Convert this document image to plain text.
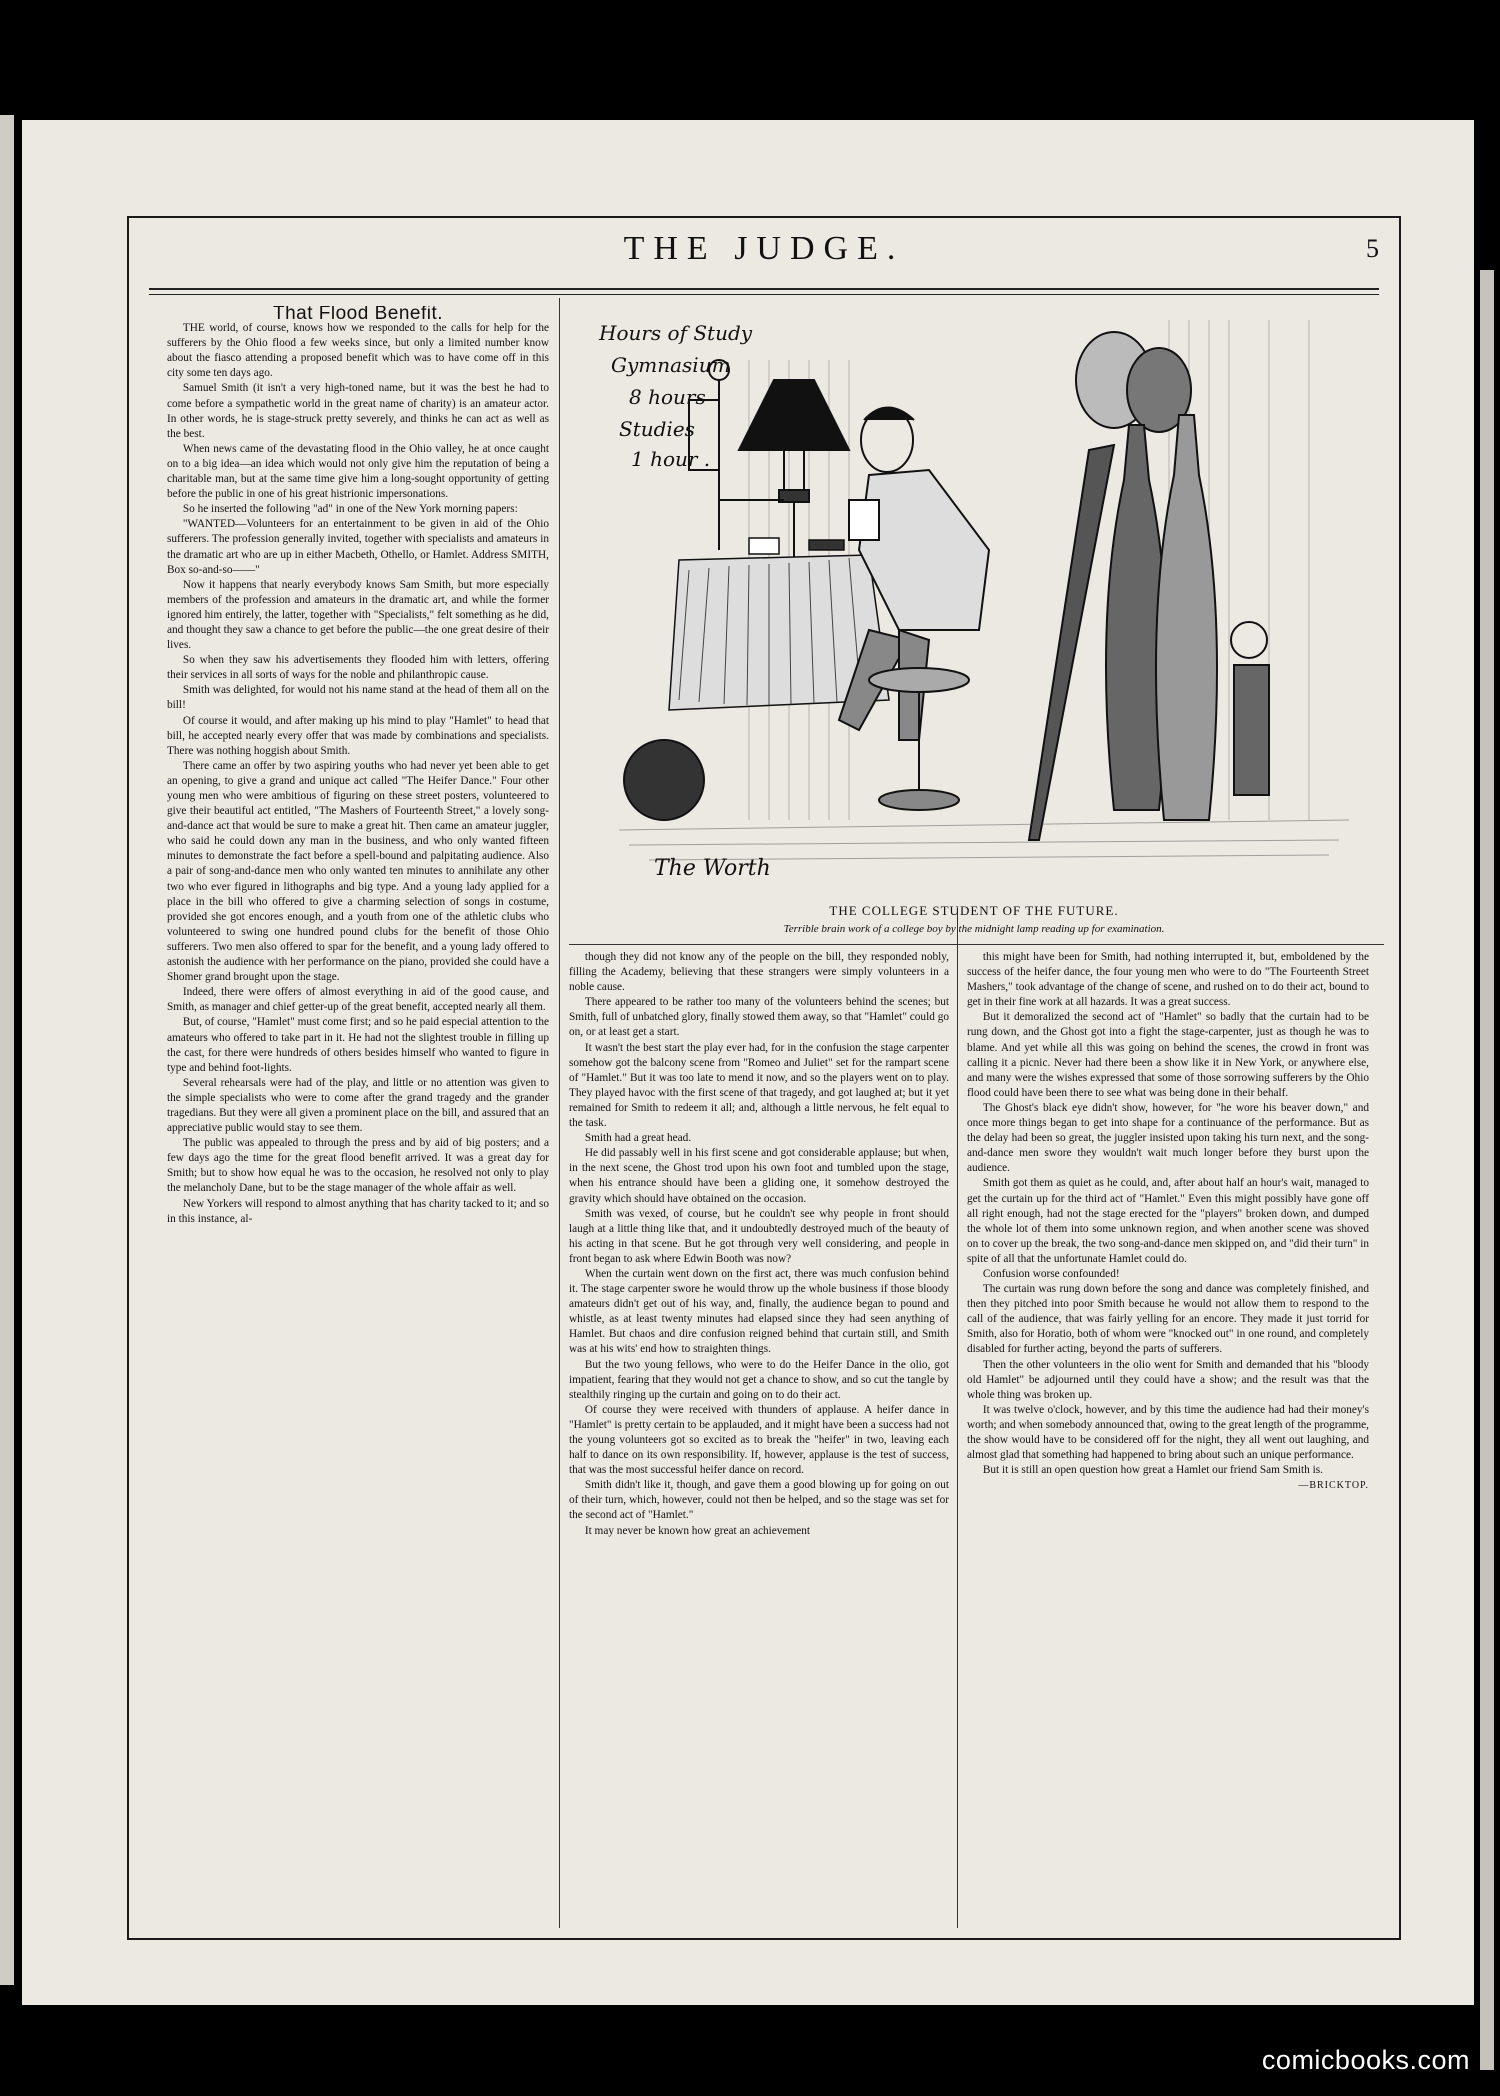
THE JUDGE.	5

That Flood Benefit.

THE world, of course, knows how we responded to the calls for help for the sufferers by the Ohio flood a few weeks since, but only a limited number know about the fiasco attending a proposed benefit which was to have come off in this city some ten days ago.

Samuel Smith (it isn't a very high-toned name, but it was the best he had to come before a sympathetic world in the great name of charity) is an amateur actor. In other words, he is stage-struck pretty severely, and thinks he can act as well as the best.

When news came of the devastating flood in the Ohio valley, he at once caught on to a big idea—an idea which would not only give him the reputation of being a charitable man, but at the same time give him a long-sought opportunity of getting before the public in one of his great histrionic impersonations.

So he inserted the following "ad" in one of the New York morning papers:

"WANTED—Volunteers for an entertainment to be given in aid of the Ohio sufferers. The profession generally invited, together with specialists and amateurs in the dramatic art who are up in either Macbeth, Othello, or Hamlet. Address SMITH, Box so-and-so——"

Now it happens that nearly everybody knows Sam Smith, but more especially members of the profession and amateurs in the dramatic art, and while the former ignored him entirely, the latter, together with "Specialists," felt something as he did, and thought they saw a chance to get before the public—the one great desire of their lives.

So when they saw his advertisements they flooded him with letters, offering their services in all sorts of ways for the noble and philanthropic cause.

Smith was delighted, for would not his name stand at the head of them all on the bill!

Of course it would, and after making up his mind to play "Hamlet" to head that bill, he accepted nearly every offer that was made by combinations and specialists. There was nothing hoggish about Smith.

There came an offer by two aspiring youths who had never yet been able to get an opening, to give a grand and unique act called "The Heifer Dance." Four other young men who were ambitious of figuring on these street posters, volunteered to give their beautiful act entitled, "The Mashers of Fourteenth Street," a lovely song-and-dance act that would be sure to make a great hit. Then came an amateur juggler, who said he could down any man in the business, and who only wanted fifteen minutes to demonstrate the fact before a spell-bound and palpitating audience. Also a pair of song-and-dance men who only wanted ten minutes to annihilate any other two who ever figured in lithographs and big type. And a young lady applied for a place in the bill who offered to give a charming selection of songs in costume, provided she got encores enough, and a youth from one of the athletic clubs who volunteered to swing one hundred pound clubs for the benefit of those Ohio sufferers. Two men also offered to spar for the benefit, and a young lady offered to astonish the audience with her performance on the piano, provided she could have a Shomer grand brought upon the stage.

Indeed, there were offers of almost everything in aid of the good cause, and Smith, as manager and chief getter-up of the great benefit, accepted nearly all them.

But, of course, "Hamlet" must come first; and so he paid especial attention to the amateurs who offered to take part in it. He had not the slightest trouble in filling up the cast, for there were hundreds of others besides himself who wanted to figure in type and behind foot-lights.

Several rehearsals were had of the play, and little or no attention was given to the simple specialists who were to come after the grand tragedy and the grander tragedians. But they were all given a prominent place on the bill, and assured that an appreciative public would stay to see them.

The public was appealed to through the press and by aid of big posters; and a few days ago the time for the great flood benefit arrived. It was a great day for Smith; but to show how equal he was to the occasion, he resolved not only to play the melancholy Dane, but to be the stage manager of the whole affair as well.

New Yorkers will respond to almost anything that has charity tacked to it; and so in this instance, al-

Hours of Study
Gymnasium
8 hours
Studies
1 hour .
The Worth
THE COLLEGE STUDENT OF THE FUTURE.
Terrible brain work of a college boy by the midnight lamp reading up for examination.

though they did not know any of the people on the bill, they responded nobly, filling the Academy, believing that these strangers were simply volunteers in a noble cause.

There appeared to be rather too many of the volunteers behind the scenes; but Smith, full of unbatched glory, finally stowed them away, so that "Hamlet" could go on, or at least get a start.

It wasn't the best start the play ever had, for in the confusion the stage carpenter somehow got the balcony scene from "Romeo and Juliet" set for the rampart scene of "Hamlet." But it was too late to mend it now, and so the players went on to play. They played havoc with the first scene of that tragedy, and got laughed at; but it yet remained for Smith to redeem it all; and, although a little nervous, he felt equal to the task.

Smith had a great head.

He did passably well in his first scene and got considerable applause; but when, in the next scene, the Ghost trod upon his own foot and tumbled upon the stage, when his entrance should have been a gliding one, it somehow destroyed the gravity which should have obtained on the occasion.

Smith was vexed, of course, but he couldn't see why people in front should laugh at a little thing like that, and it undoubtedly destroyed much of the beauty of his acting in that scene. But he got through very well considering, and people in front began to ask where Edwin Booth was now?

When the curtain went down on the first act, there was much confusion behind it. The stage carpenter swore he would throw up the whole business if those bloody amateurs didn't get out of his way, and, finally, the audience began to pound and whistle, as at least twenty minutes had elapsed since they had seen anything of Hamlet. But chaos and dire confusion reigned behind that curtain still, and Smith was at his wits' end how to straighten things.

But the two young fellows, who were to do the Heifer Dance in the olio, got impatient, fearing that they would not get a chance to show, and so cut the tangle by stealthily ringing up the curtain and going on to do their act.

Of course they were received with thunders of applause. A heifer dance in "Hamlet" is pretty certain to be applauded, and it might have been a success had not the young volunteers got so excited as to break the "heifer" in two, leaving each half to dance on its own responsibility. If, however, applause is the test of success, that was the most successful heifer dance on record.

Smith didn't like it, though, and gave them a good blowing up for going on out of their turn, which, however, could not then be helped, and so the stage was set for the second act of "Hamlet."

It may never be known how great an achievement

this might have been for Smith, had nothing interrupted it, but, emboldened by the success of the heifer dance, the four young men who were to do "The Fourteenth Street Mashers," took advantage of the change of scene, and rushed on to do their act, bound to get in their fine work at all hazards. It was a great success.

But it demoralized the second act of "Hamlet" so badly that the curtain had to be rung down, and the Ghost got into a fight the stage-carpenter, just as though he was to blame. And yet while all this was going on behind the scenes, the crowd in front was calling it a picnic. Never had there been a show like it in New York, or anywhere else, and many were the wishes expressed that some of those sorrowing sufferers by the Ohio flood could have been there to see what was being done in their behalf.

The Ghost's black eye didn't show, however, for "he wore his beaver down," and once more things began to get into shape for a continuance of the performance. But as the delay had been so great, the juggler insisted upon taking his turn next, and the song-and-dance men swore they wouldn't wait much longer before they burst upon the audience.

Smith got them as quiet as he could, and, after about half an hour's wait, managed to get the curtain up for the third act of "Hamlet." Even this might possibly have gone off all right enough, had not the stage erected for the "players" broken down, and dumped the whole lot of them into some unknown region, and when another scene was shoved on to cover up the break, the two song-and-dance men skipped on, and "did their turn" in spite of all that the unfortunate Hamlet could do.

Confusion worse confounded!

The curtain was rung down before the song and dance was completely finished, and then they pitched into poor Smith because he would not allow them to respond to the call of the audience, that was fairly yelling for an encore. They made it just torrid for Smith, also for Horatio, both of whom were "knocked out" in one round, and completely disabled for further acting, beyond the parts of sufferers.

Then the other volunteers in the olio went for Smith and demanded that his "bloody old Hamlet" be adjourned until they could have a show; and the result was that the whole thing was broken up.

It was twelve o'clock, however, and by this time the audience had had their money's worth; and when somebody announced that, owing to the great length of the programme, the show would have to be considered off for the night, they all went out laughing, and almost glad that something had happened to bring about such an unique performance.

But it is still an open question how great a Hamlet our friend Sam Smith is.

—BRICKTOP.

comicbooks.com
